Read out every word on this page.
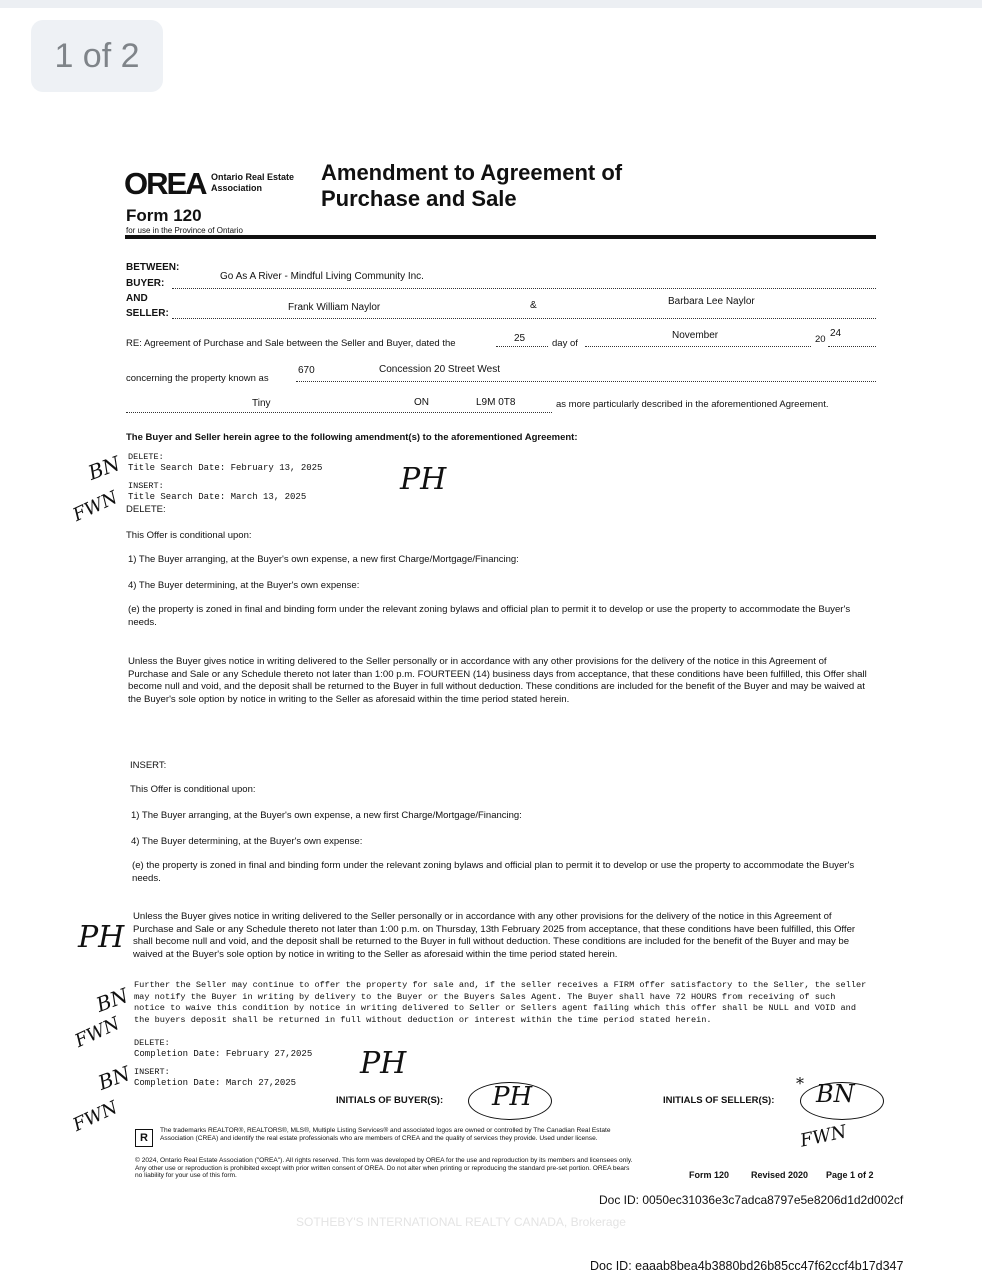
OREA Ontario Real Estate Association
Amendment to Agreement of Purchase and Sale
Form 120
for use in the Province of Ontario
BETWEEN:
BUYER:
Go As A River - Mindful Living Community Inc.
AND
SELLER:
Frank William Naylor	&	Barbara Lee Naylor
RE: Agreement of Purchase and Sale between the Seller and Buyer, dated the	25	day of
November	20
24
concerning the property known as
670	Concession 20 Street West
Tiny	ON	L9M 0T8	as more particularly described in the aforementioned Agreement.
The Buyer and Seller herein agree to the following amendment(s) to the aforementioned Agreement:
DELETE:
Title Search Date: February 13, 2025
INSERT:
Title Search Date: March 13, 2025
DELETE:
This Offer is conditional upon:
1) The Buyer arranging, at the Buyer's own expense, a new first Charge/Mortgage/Financing:
4) The Buyer determining, at the Buyer's own expense:
(e) the property is zoned in final and binding form under the relevant zoning bylaws and official plan to permit it to develop or use the property to accommodate the Buyer's needs.
Unless the Buyer gives notice in writing delivered to the Seller personally or in accordance with any other provisions for the delivery of the notice in this Agreement of Purchase and Sale or any Schedule thereto not later than 1:00 p.m. FOURTEEN (14) business days from acceptance, that these conditions have been fulfilled, this Offer shall become null and void, and the deposit shall be returned to the Buyer in full without deduction. These conditions are included for the benefit of the Buyer and may be waived at the Buyer's sole option by notice in writing to the Seller as aforesaid within the time period stated herein.
INSERT:
This Offer is conditional upon:
1) The Buyer arranging, at the Buyer's own expense, a new first Charge/Mortgage/Financing:
4) The Buyer determining, at the Buyer's own expense:
(e) the property is zoned in final and binding form under the relevant zoning bylaws and official plan to permit it to develop or use the property to accommodate the Buyer's needs.
Unless the Buyer gives notice in writing delivered to the Seller personally or in accordance with any other provisions for the delivery of the notice in this Agreement of Purchase and Sale or any Schedule thereto not later than 1:00 p.m. on Thursday, 13th February 2025 from acceptance, that these conditions have been fulfilled, this Offer shall become null and void, and the deposit shall be returned to the Buyer in full without deduction. These conditions are included for the benefit of the Buyer and may be waived at the Buyer's sole option by notice in writing to the Seller as aforesaid within the time period stated herein.
Further the Seller may continue to offer the property for sale and, if the seller receives a FIRM offer satisfactory to the Seller, the seller may notify the Buyer in writing by delivery to the Buyer or the Buyers Sales Agent. The Buyer shall have 72 HOURS from receiving of such notice to waive this condition by notice in writing delivered to Seller or Sellers agent failing which this offer shall be NULL and VOID and the buyers deposit shall be returned in full without deduction or interest within the time period stated herein.
DELETE:
Completion Date: February 27,2025
INSERT:
Completion Date: March 27,2025
PH
PH
PH
BN
FWN
BN
FWN
BN
FWN	INITIALS OF BUYER(S): PH	INITIALS OF SELLER(S): BN
*
FWN
R
The trademarks REALTOR®, REALTORS®, MLS®, Multiple Listing Services® and associated logos are owned or controlled by The Canadian Real Estate Association (CREA) and identify the real estate professionals who are members of CREA and the quality of services they provide. Used under license.
© 2024, Ontario Real Estate Association ("OREA"). All rights reserved. This form was developed by OREA for the use and reproduction by its members and licensees only. Any other use or reproduction is prohibited except with prior written consent of OREA. Do not alter when printing or reproducing the standard pre-set portion. OREA bears no liability for your use of this form.	Form 120 Revised 2020 Page 1 of 2
Doc ID: 0050ec31036e3c7adca8797e5e8206d1d2d002cf
SOTHEBY'S INTERNATIONAL REALTY CANADA, Brokerage
Doc ID: eaaab8bea4b3880bd26b85cc47f62ccf4b17d347
1 of 2
